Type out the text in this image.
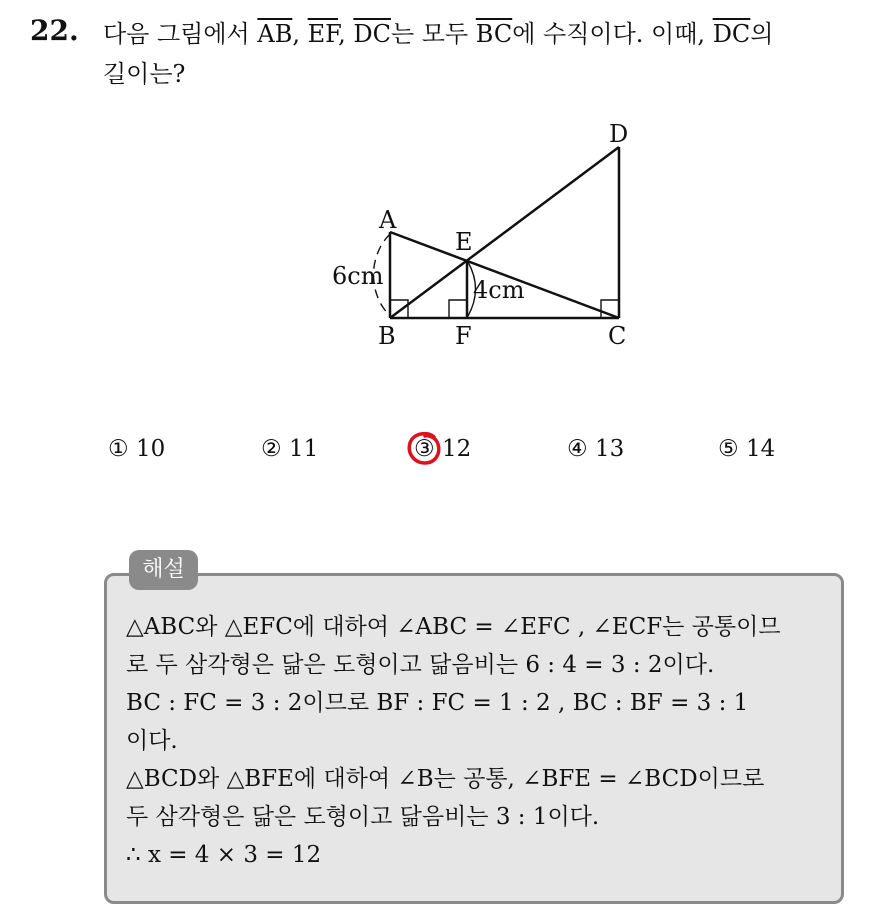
22. 다음 그림에서 $\overline{AB}$, $\overline{EF}$, $\overline{DC}$는 모두 $\overline{BC}$에 수직이다. 이때, $\overline{DC}$의
길이는?
A
B	C
D
E
F
6cm	4cm
① 10	② 11	③ 12	④ 13	⑤ 14
해설
△ABC와 △EFC에 대하여 ∠ABC = ∠EFC , ∠ECF는 공통이므
로 두 삼각형은 닮은 도형이고 닮음비는 6 : 4 = 3 : 2이다.
BC : FC = 3 : 2이므로 BF : FC = 1 : 2 , BC : BF = 3 : 1
이다.
△BCD와 △BFE에 대하여 ∠B는 공통, ∠BFE = ∠BCD이므로
두 삼각형은 닮은 도형이고 닮음비는 3 : 1이다.
∴ x = 4 × 3 = 12
